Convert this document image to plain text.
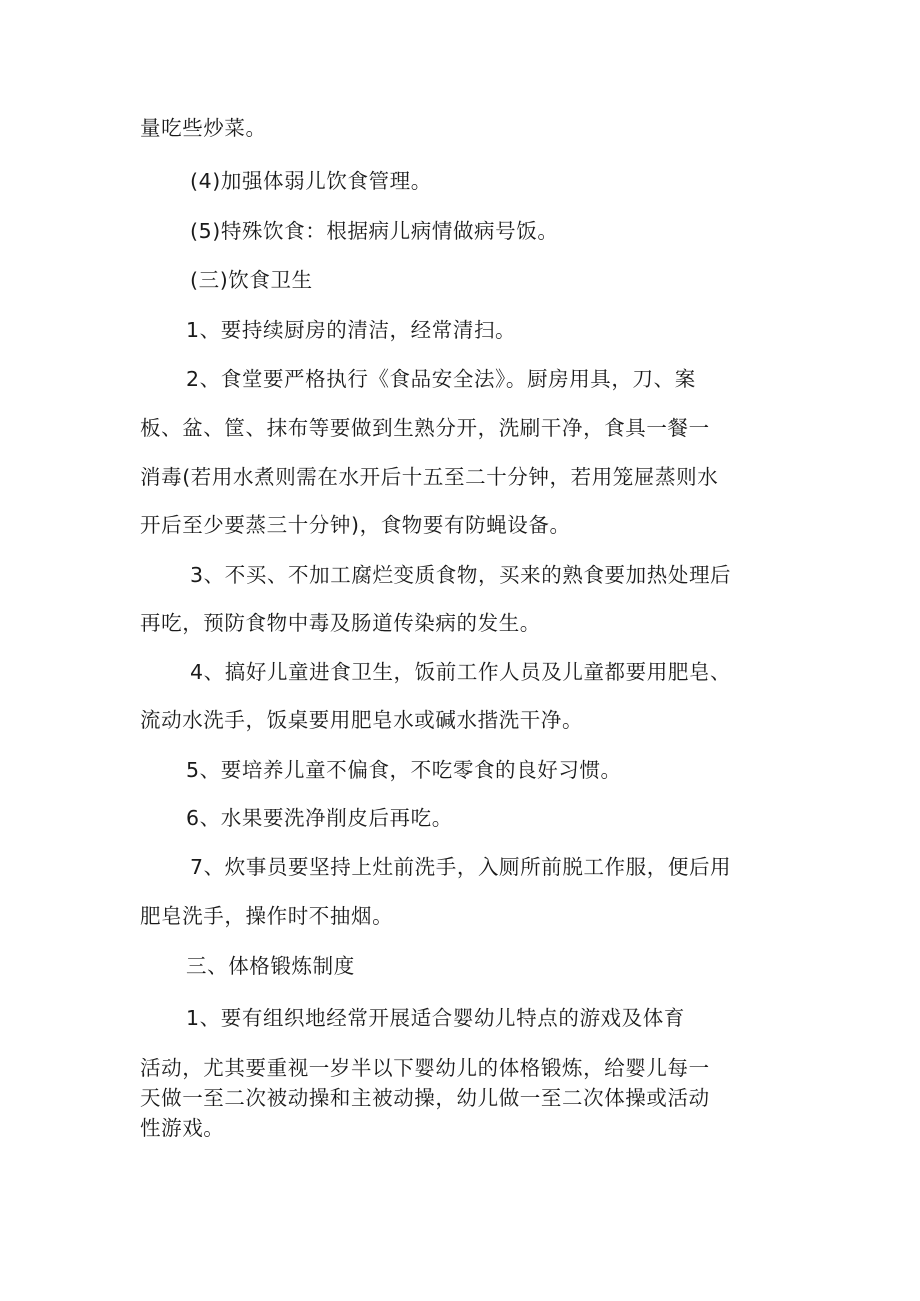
量吃些炒菜。
(4)加强体弱儿饮食管理。
(5)特殊饮食：根据病儿病情做病号饭。
(三)饮食卫生
1、要持续厨房的清洁，经常清扫。
2、食堂要严格执行《食品安全法》。厨房用具，刀、案
板、盆、筐、抹布等要做到生熟分开，洗刷干净，食具一餐一
消毒(若用水煮则需在水开后十五至二十分钟，若用笼屉蒸则水
开后至少要蒸三十分钟)，食物要有防蝇设备。
3、不买、不加工腐烂变质食物，买来的熟食要加热处理后
再吃，预防食物中毒及肠道传染病的发生。
4、搞好儿童进食卫生，饭前工作人员及儿童都要用肥皂、
流动水洗手，饭桌要用肥皂水或碱水揩洗干净。
5、要培养儿童不偏食，不吃零食的良好习惯。
6、水果要洗净削皮后再吃。
7、炊事员要坚持上灶前洗手，入厕所前脱工作服，便后用
肥皂洗手，操作时不抽烟。
三、体格锻炼制度
1、要有组织地经常开展适合婴幼儿特点的游戏及体育
活动，尤其要重视一岁半以下婴幼儿的体格锻炼，给婴儿每一
天做一至二次被动操和主被动操，幼儿做一至二次体操或活动
性游戏。
